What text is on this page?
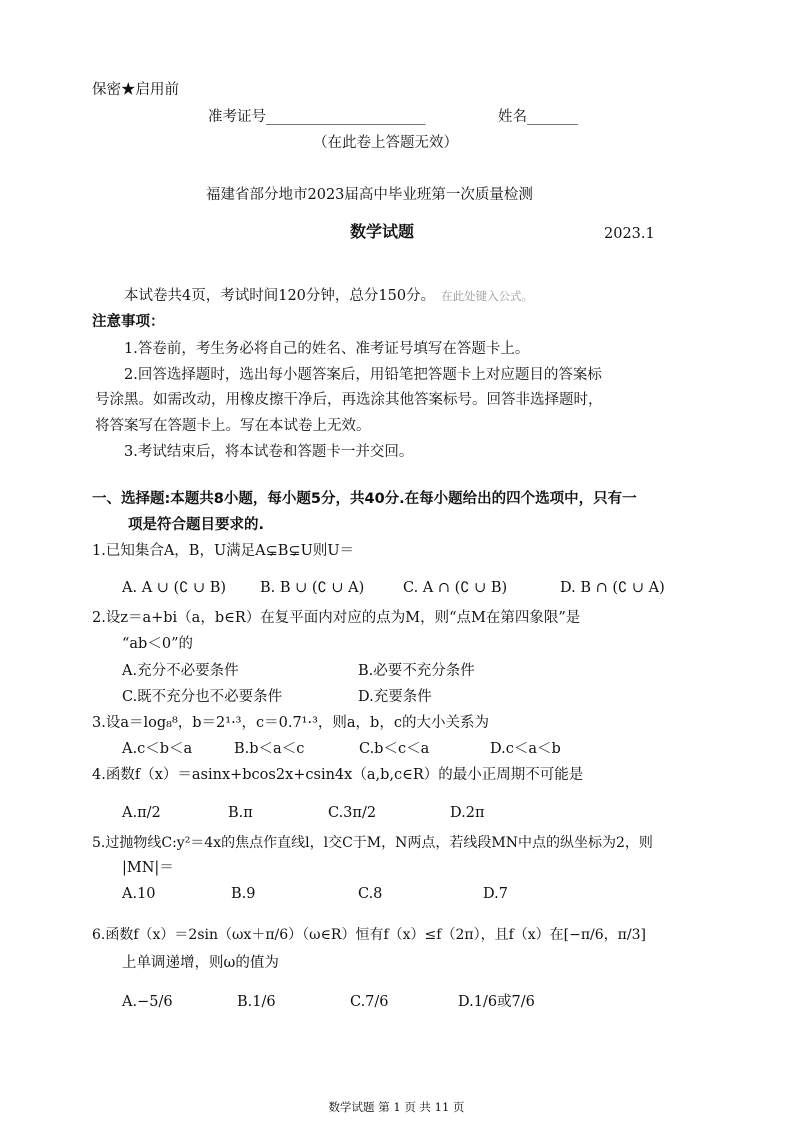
保密★启用前
准考证号______________________	姓名_______
（在此卷上答题无效）
福建省部分地市2023届高中毕业班第一次质量检测
数学试题	2023.1
本试卷共4页，考试时间120分钟，总分150分。 在此处键入公式。
注意事项：
1.答卷前，考生务必将自己的姓名、准考证号填写在答题卡上。
2.回答选择题时，选出每小题答案后，用铅笔把答题卡上对应题目的答案标
号涂黑。如需改动，用橡皮擦干净后，再选涂其他答案标号。回答非选择题时，
将答案写在答题卡上。写在本试卷上无效。
3.考试结束后，将本试卷和答题卡一并交回。
一、选择题:本题共8小题，每小题5分，共40分.在每小题给出的四个选项中，只有一
项是符合题目要求的.
1.已知集合A，B，U满足A⊊B⊊U则U＝
A. A ∪ (∁ ∪ B) B. B ∪ (∁ ∪ A)	C. A ∩ (∁ ∪ B)	D. B ∩ (∁ ∪ A)
2.设z＝a+bi（a，b∈R）在复平面内对应的点为M，则“点M在第四象限”是
“ab＜0”的
A.充分不必要条件	B.必要不充分条件
C.既不充分也不必要条件	D.充要条件
3.设a＝log₈⁸，b＝2¹·³，c＝0.7¹·³，则a，b，c的大小关系为
A.c＜b＜a	B.b＜a＜c	C.b＜c＜a	D.c＜a＜b
4.函数f（x）＝asinx+bcos2x+csin4x（a,b,c∈R）的最小正周期不可能是
A.π/2	B.π	C.3π/2	D.2π
5.过抛物线C:y²＝4x的焦点作直线l，l交C于M，N两点，若线段MN中点的纵坐标为2，则
|MN|＝
A.10	B.9	C.8	D.7
6.函数f（x）＝2sin（ωx＋π/6）（ω∈R）恒有f（x）≤f（2π），且f（x）在[−π/6，π/3]
上单调递增，则ω的值为
A.−5/6	B.1/6	C.7/6	D.1/6或7/6
数学试题 第 1 页 共 11 页
